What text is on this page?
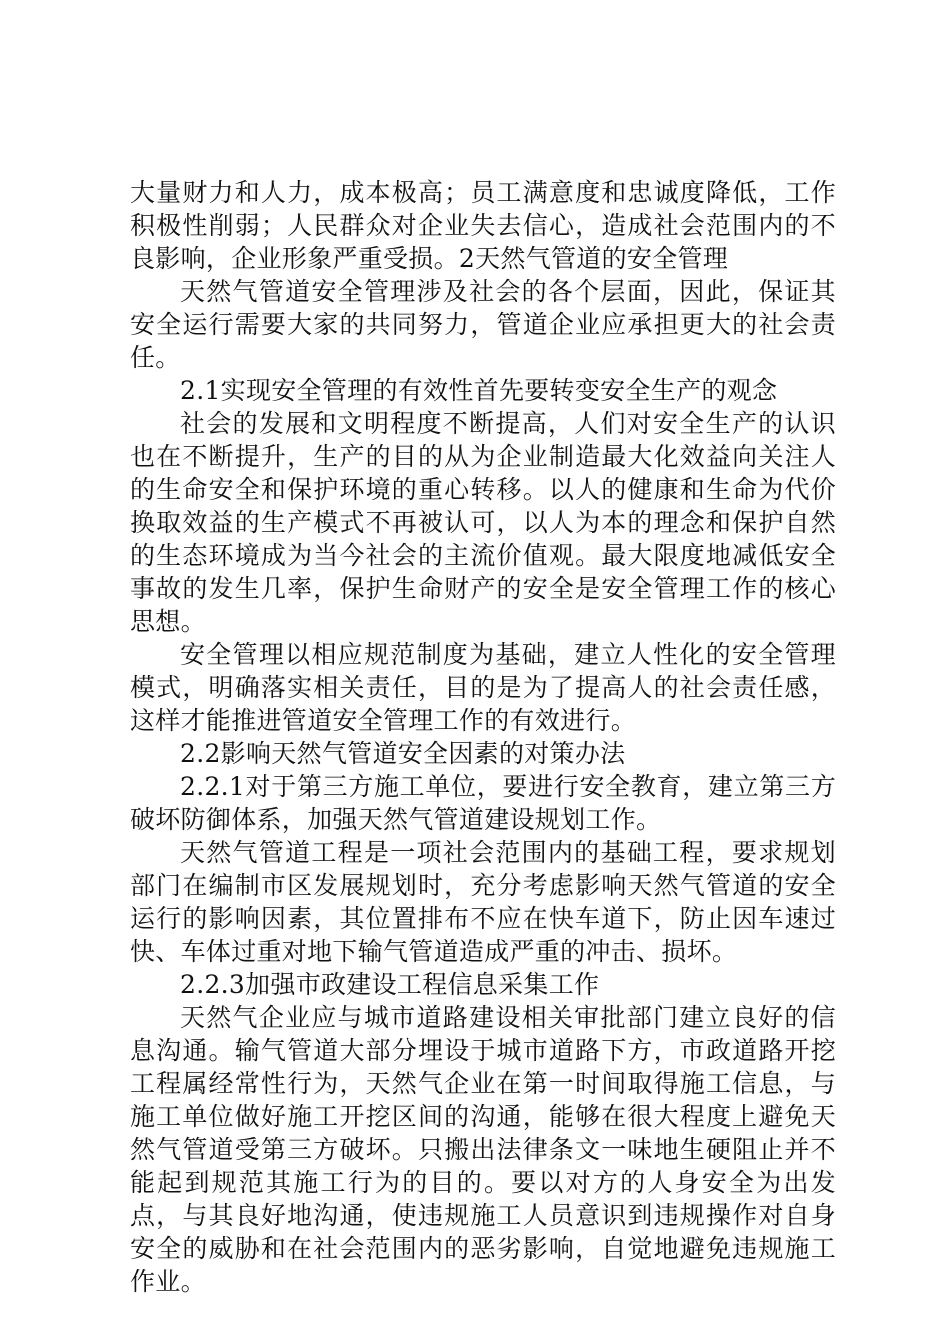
大量财力和人力，成本极高；员工满意度和忠诚度降低，工作积极性削弱；人民群众对企业失去信心，造成社会范围内的不良影响，企业形象严重受损。2天然气管道的安全管理

天然气管道安全管理涉及社会的各个层面，因此，保证其安全运行需要大家的共同努力，管道企业应承担更大的社会责任。

2.1实现安全管理的有效性首先要转变安全生产的观念

社会的发展和文明程度不断提高，人们对安全生产的认识也在不断提升，生产的目的从为企业制造最大化效益向关注人的生命安全和保护环境的重心转移。以人的健康和生命为代价换取效益的生产模式不再被认可，以人为本的理念和保护自然的生态环境成为当今社会的主流价值观。最大限度地减低安全事故的发生几率，保护生命财产的安全是安全管理工作的核心思想。

安全管理以相应规范制度为基础，建立人性化的安全管理模式，明确落实相关责任，目的是为了提高人的社会责任感，这样才能推进管道安全管理工作的有效进行。

2.2影响天然气管道安全因素的对策办法

2.2.1对于第三方施工单位，要进行安全教育，建立第三方破坏防御体系，加强天然气管道建设规划工作。

天然气管道工程是一项社会范围内的基础工程，要求规划部门在编制市区发展规划时，充分考虑影响天然气管道的安全运行的影响因素，其位置排布不应在快车道下，防止因车速过快、车体过重对地下输气管道造成严重的冲击、损坏。

2.2.3加强市政建设工程信息采集工作

天然气企业应与城市道路建设相关审批部门建立良好的信息沟通。输气管道大部分埋设于城市道路下方，市政道路开挖工程属经常性行为，天然气企业在第一时间取得施工信息，与施工单位做好施工开挖区间的沟通，能够在很大程度上避免天然气管道受第三方破坏。只搬出法律条文一味地生硬阻止并不能起到规范其施工行为的目的。要以对方的人身安全为出发点，与其良好地沟通，使违规施工人员意识到违规操作对自身安全的威胁和在社会范围内的恶劣影响，自觉地避免违规施工作业。
